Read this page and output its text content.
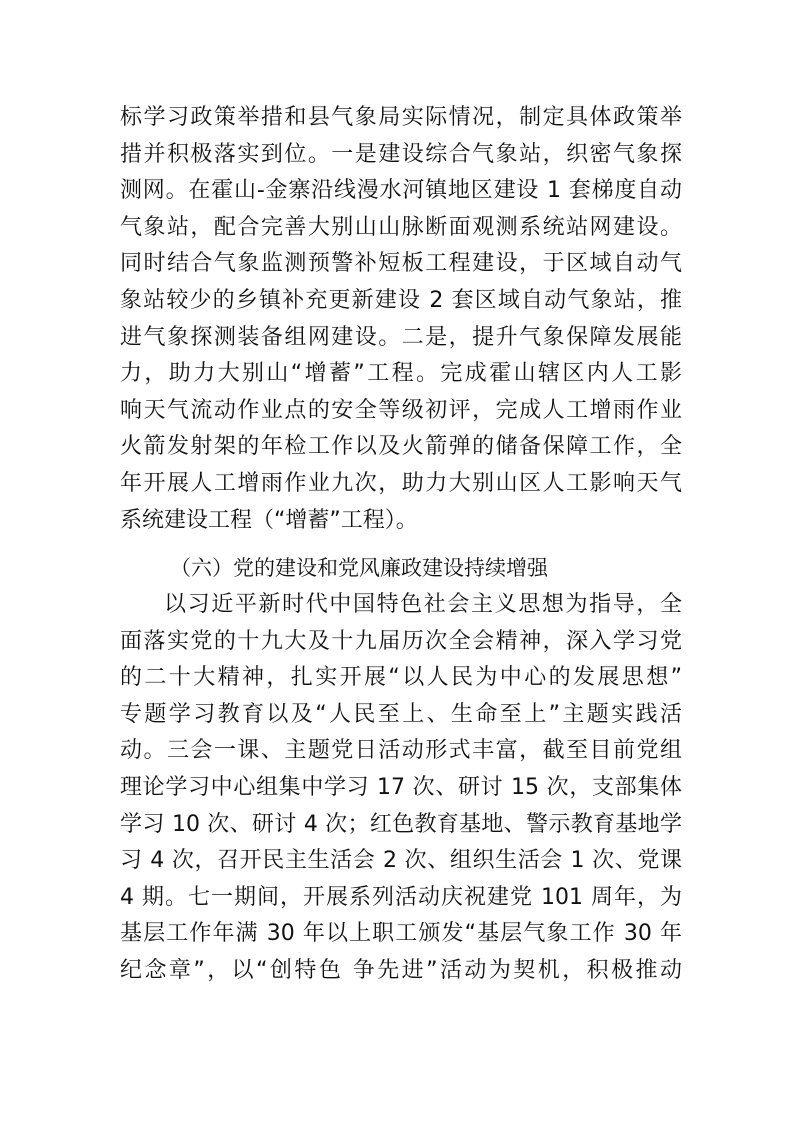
标学习政策举措和县气象局实际情况，制定具体政策举
措并积极落实到位。一是建设综合气象站，织密气象探
测网。在霍山-金寨沿线漫水河镇地区建设 1 套梯度自动
气象站，配合完善大别山山脉断面观测系统站网建设。
同时结合气象监测预警补短板工程建设，于区域自动气
象站较少的乡镇补充更新建设 2 套区域自动气象站，推
进气象探测装备组网建设。二是，提升气象保障发展能
力，助力大别山“增蓄”工程。完成霍山辖区内人工影
响天气流动作业点的安全等级初评，完成人工增雨作业
火箭发射架的年检工作以及火箭弹的储备保障工作，全
年开展人工增雨作业九次，助力大别山区人工影响天气
系统建设工程（“增蓄”工程）。
（六）党的建设和党风廉政建设持续增强
以习近平新时代中国特色社会主义思想为指导，全
面落实党的十九大及十九届历次全会精神，深入学习党
的二十大精神，扎实开展“以人民为中心的发展思想”
专题学习教育以及“人民至上、生命至上”主题实践活
动。三会一课、主题党日活动形式丰富，截至目前党组
理论学习中心组集中学习 17 次、研讨 15 次，支部集体
学习 10 次、研讨 4 次；红色教育基地、警示教育基地学
习 4 次，召开民主生活会 2 次、组织生活会 1 次、党课
4 期。七一期间，开展系列活动庆祝建党 101 周年，为
基层工作年满 30 年以上职工颁发“基层气象工作 30 年
纪念章”，以“创特色 争先进”活动为契机，积极推动
